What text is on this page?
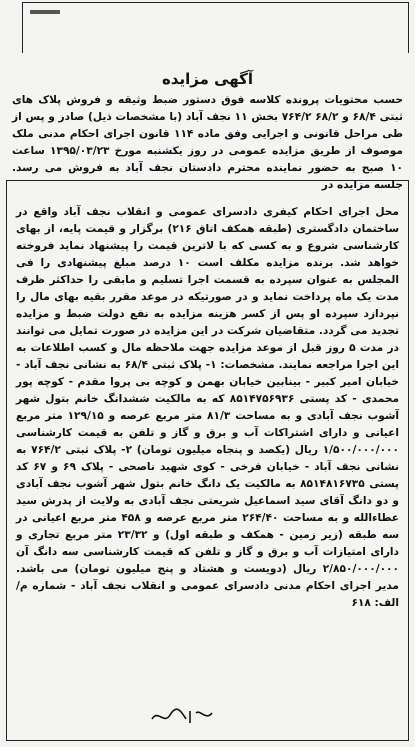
آگهی مزایده

حسب محتویات پرونده کلاسه فوق دستور ضبط وثیقه و فروش پلاک های ثبتی ۶۸/۴ و ۶۸/۲ ۷۶۴/۲ بخش ۱۱ نجف آباد (با مشخصات ذیل) صادر و پس از طی مراحل قانونی و اجرایی وفق ماده ۱۱۴ قانون اجرای احکام مدنی ملک موصوف از طریق مزایده عمومی در روز یکشنبه مورخ ۱۳۹۵/۰۳/۲۳ ساعت ۱۰ صبح به حضور نماینده محترم دادستان نجف آباد به فروش می رسد. جلسه مزایده در

محل اجرای احکام کیفری دادسرای عمومی و انقلاب نجف آباد واقع در ساختمان دادگستری (طبقه همکف اتاق ۲۱۶) برگزار و قیمت پایه، از بهای کارشناسی شروع و به کسی که با لاترین قیمت را پیشنهاد نماید فروخته خواهد شد. برنده مزایده مکلف است ۱۰ درصد مبلغ پیشنهادی را فی المجلس به عنوان سپرده به قسمت اجرا تسلیم و مابقی را حداکثر ظرف مدت یک ماه پرداخت نماید و در صورتیکه در موعد مقرر بقیه بهای مال را نپردازد سپرده او پس از کسر هزینه مزایده به نفع دولت ضبط و مزایده تجدید می گردد. متقاضیان شرکت در این مزایده در صورت تمایل می توانند در مدت ۵ روز قبل از موعد مزایده جهت ملاحظه مال و کسب اطلاعات به این اجرا مراجعه نمایند. مشخصات: ۱- پلاک ثبتی ۶۸/۴ به نشانی نجف آباد - خیابان امیر کبیر - بینابین خیابان بهمن و کوچه بی پروا مقدم - کوچه پور محمدی - کد پستی ۸۵۱۴۷۵۶۹۳۶ که به مالکیت ششدانگ خانم بتول شهر آشوب نجف آبادی و به مساحت ۸۱/۳ متر مربع عرصه و ۱۲۹/۱۵ متر مربع اعیانی و دارای اشتراکات آب و برق و گاز و تلفن به قیمت کارشناسی ۱/۵۰۰/۰۰۰/۰۰۰ ریال (یکصد و پنجاه میلیون تومان) ۲- پلاک ثبتی ۷۶۴/۲ به نشانی نجف آباد - خیابان فرخی - کوی شهید ناصحی - پلاک ۶۹ و ۶۷ کد پستی ۸۵۱۴۸۱۶۷۳۵ به مالکیت یک دانگ خانم بتول شهر آشوب نجف آبادی و دو دانگ آقای سید اسماعیل شریعتی نجف آبادی به ولایت از پدرش سید عطاءالله و به مساحت ۲۶۴/۴۰ متر مربع عرصه و ۴۵۸ متر مربع اعیانی در سه طبقه (زیر زمین - همکف و طبقه اول) و ۲۳/۳۲ متر مربع تجاری و دارای امتیازات آب و برق و گاز و تلفن که قیمت کارشناسی سه دانگ آن ۲/۸۵۰/۰۰۰/۰۰۰ ریال (دویست و هشتاد و پنج میلیون تومان) می باشد. مدیر اجرای احکام مدنی دادسرای عمومی و انقلاب نجف آباد - شماره م/الف: ۶۱۸
